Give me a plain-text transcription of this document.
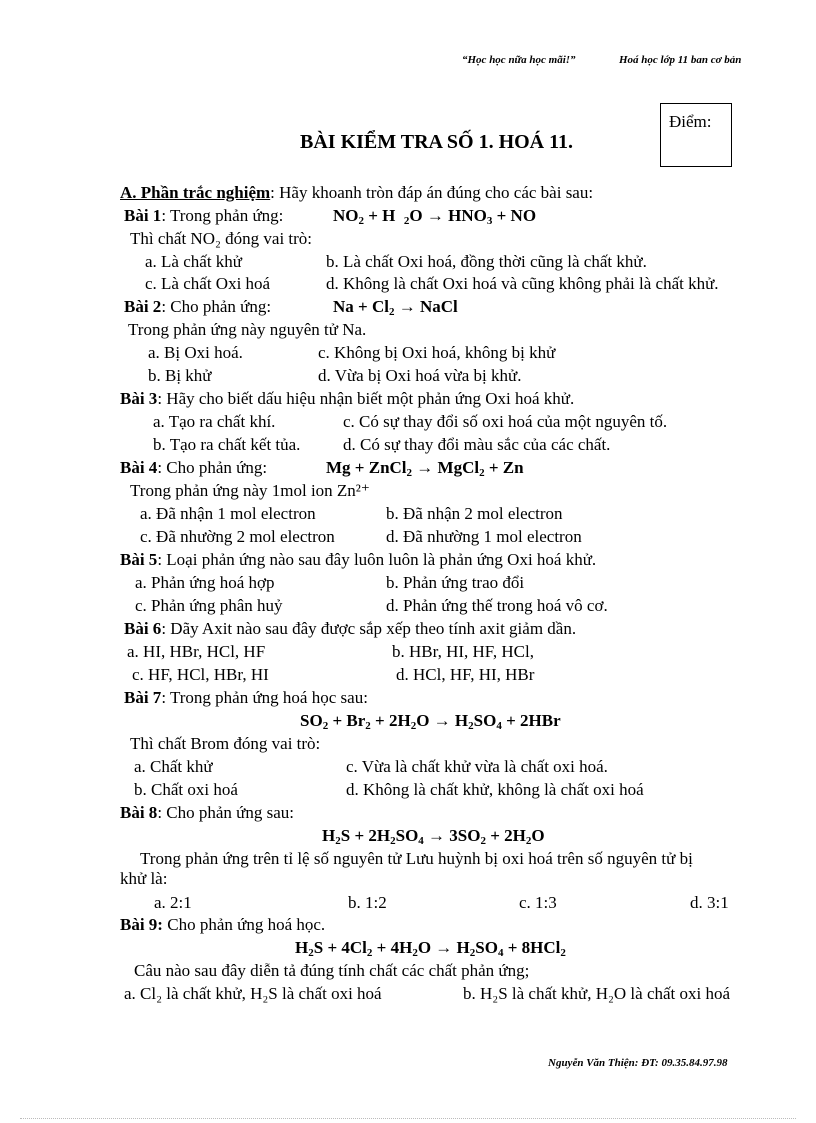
“Học học nữa học mãi!”	Hoá học lớp 11 ban cơ bản
Điểm:
BÀI KIỂM TRA SỐ 1. HOÁ 11.
A. Phần trắc nghiệm: Hãy khoanh tròn đáp án đúng cho các bài sau:
Bài 1: Trong phản ứng:	$NO_2 + H$  $_2O \to HNO_3$ + NO
Thì chất NO₂ đóng vai trò:
a. Là chất khử	b. Là chất Oxi hoá, đồng thời cũng là chất khử.
c. Là chất Oxi hoá	d. Không là chất Oxi hoá và cũng không phải là chất khử.
Bài 2: Cho phản ứng:	$Na + Cl_2$ → NaCl
Trong phản ứng này nguyên tử Na.
a. Bị Oxi hoá.	c. Không bị Oxi hoá, không bị khử
b. Bị khử	d. Vừa bị Oxi hoá vừa bị khử.
Bài 3: Hãy cho biết dấu hiệu nhận biết một phản ứng Oxi hoá khử.
a. Tạo ra chất khí.	c. Có sự thay đổi số oxi hoá của một nguyên tố.
b. Tạo ra chất kết tủa.	d. Có sự thay đổi màu sắc của các chất.
Bài 4: Cho phản ứng:	Mg + ZnCl$_2$ → MgCl$_2$ + Zn
Trong phản ứng này 1mol ion Zn²⁺
a. Đã nhận 1 mol electron	b. Đã nhận 2 mol electron
c. Đã nhường 2 mol electron	d. Đã nhường 1 mol electron
Bài 5: Loại phản ứng nào sau đây luôn luôn là phản ứng Oxi hoá khử.
a. Phản ứng hoá hợp	b. Phản ứng trao đổi
c. Phản ứng phân huỷ	d. Phản ứng thế trong hoá vô cơ.
Bài 6: Dãy Axit nào sau đây được sắp xếp theo tính axit giảm dần.
a. HI, HBr, HCl, HF	b. HBr, HI, HF, HCl,
c. HF, HCl, HBr, HI	d. HCl, HF, HI, HBr
Bài 7: Trong phản ứng hoá học sau:
$SO_2 + Br_2 + 2H_2O \to H_2SO_4 + 2HBr$
Thì chất Brom đóng vai trò:
a. Chất khử	c. Vừa là chất khử vừa là chất oxi hoá.
b. Chất oxi hoá	d. Không là chất khử, không là chất oxi hoá
Bài 8: Cho phản ứng sau:
$H_2S + 2H_2SO_4 \to 3SO_2 + 2H_2O$
Trong phản ứng trên tỉ lệ số nguyên tử Lưu huỳnh bị oxi hoá trên số nguyên tử bị
khử là:
a. 2:1	b. 1:2	c. 1:3	d. 3:1
Bài 9: Cho phản ứng hoá học.
$H_2S + 4Cl_2 + 4H_2O \to H_2SO_4 + 8HCl_2$
Câu nào sau đây diễn tả đúng tính chất các chất phản ứng;
a. Cl₂ là chất khử, H₂S là chất oxi hoá	b. H₂S là chất khử, H₂O là chất oxi hoá
Nguyễn Văn Thiện: ĐT: 09.35.84.97.98
